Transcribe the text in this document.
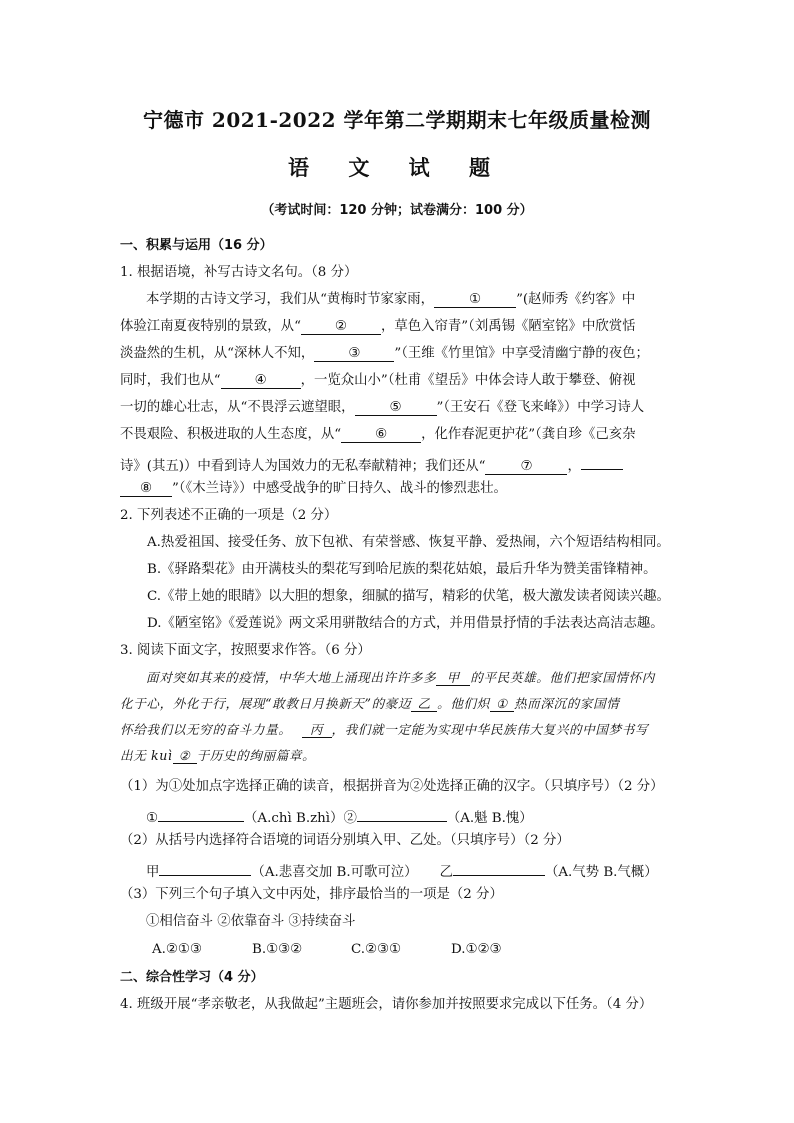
宁德市 2021-2022 学年第二学期期末七年级质量检测
语 文 试 题
（考试时间：120 分钟；试卷满分：100 分）
一、积累与运用（16 分）
1. 根据语境，补写古诗文名句。（8 分）
本学期的古诗文学习，我们从“黄梅时节家家雨，	①	”(赵师秀《约客》中
体验江南夏夜特别的景致，从“	②	，草色入帘青”（刘禹锡《陋室铭》中欣赏恬
淡盎然的生机，从“深林人不知，	③	”（王维《竹里馆》中享受清幽宁静的夜色；
同时，我们也从“	④	，一览众山小”（杜甫《望岳》中体会诗人敢于攀登、俯视
一切的雄心壮志，从“不畏浮云遮望眼，	⑤	”（王安石《登飞来峰》）中学习诗人
不畏艰险、积极进取的人生态度，从“	⑥	，化作春泥更护花”（龚自珍《己亥杂
诗》(其五)）中看到诗人为国效力的无私奉献精神；我们还从“	⑦	，
⑧ ”（《木兰诗》）中感受战争的旷日持久、战斗的惨烈悲壮。
2. 下列表述不正确的一项是（2 分）
A.热爱祖国、接受任务、放下包袱、有荣誉感、恢复平静、爱热闹，六个短语结构相同。
B.《驿路梨花》由开满枝头的梨花写到哈尼族的梨花姑娘，最后升华为赞美雷锋精神。
C.《带上她的眼睛》以大胆的想象，细腻的描写，精彩的伏笔，极大激发读者阅读兴趣。
D.《陋室铭》《爱莲说》两文采用骈散结合的方式，并用借景抒情的手法表达高洁志趣。
3. 阅读下面文字，按照要求作答。（6 分）
面对突如其来的疫情，中华大地上涌现出许许多多 甲 的平民英雄。他们把家国情怀内
化于心，外化于行，展现“敢教日月换新天”的豪迈 乙 。他们炽 ① 热而深沉的家国情
怀给我们以无穷的奋斗力量。 丙 ，我们就一定能为实现中华民族伟大复兴的中国梦书写
出无 kuì ② 于历史的绚丽篇章。
（1）为①处加点字选择正确的读音，根据拼音为②处选择正确的汉字。（只填序号）（2 分）
①	（A.chì B.zhì）②	（A.魁 B.愧）
（2）从括号内选择符合语境的词语分别填入甲、乙处。（只填序号）（2 分）
甲	（A.悲喜交加 B.可歌可泣） 乙	（A.气势 B.气概）
（3）下列三个句子填入文中丙处，排序最恰当的一项是（2 分）
①相信奋斗 ②依靠奋斗 ③持续奋斗
A.②①③	B.①③②	C.②③①	D.①②③
二、综合性学习（4 分）
4. 班级开展“孝亲敬老，从我做起”主题班会，请你参加并按照要求完成以下任务。（4 分）
